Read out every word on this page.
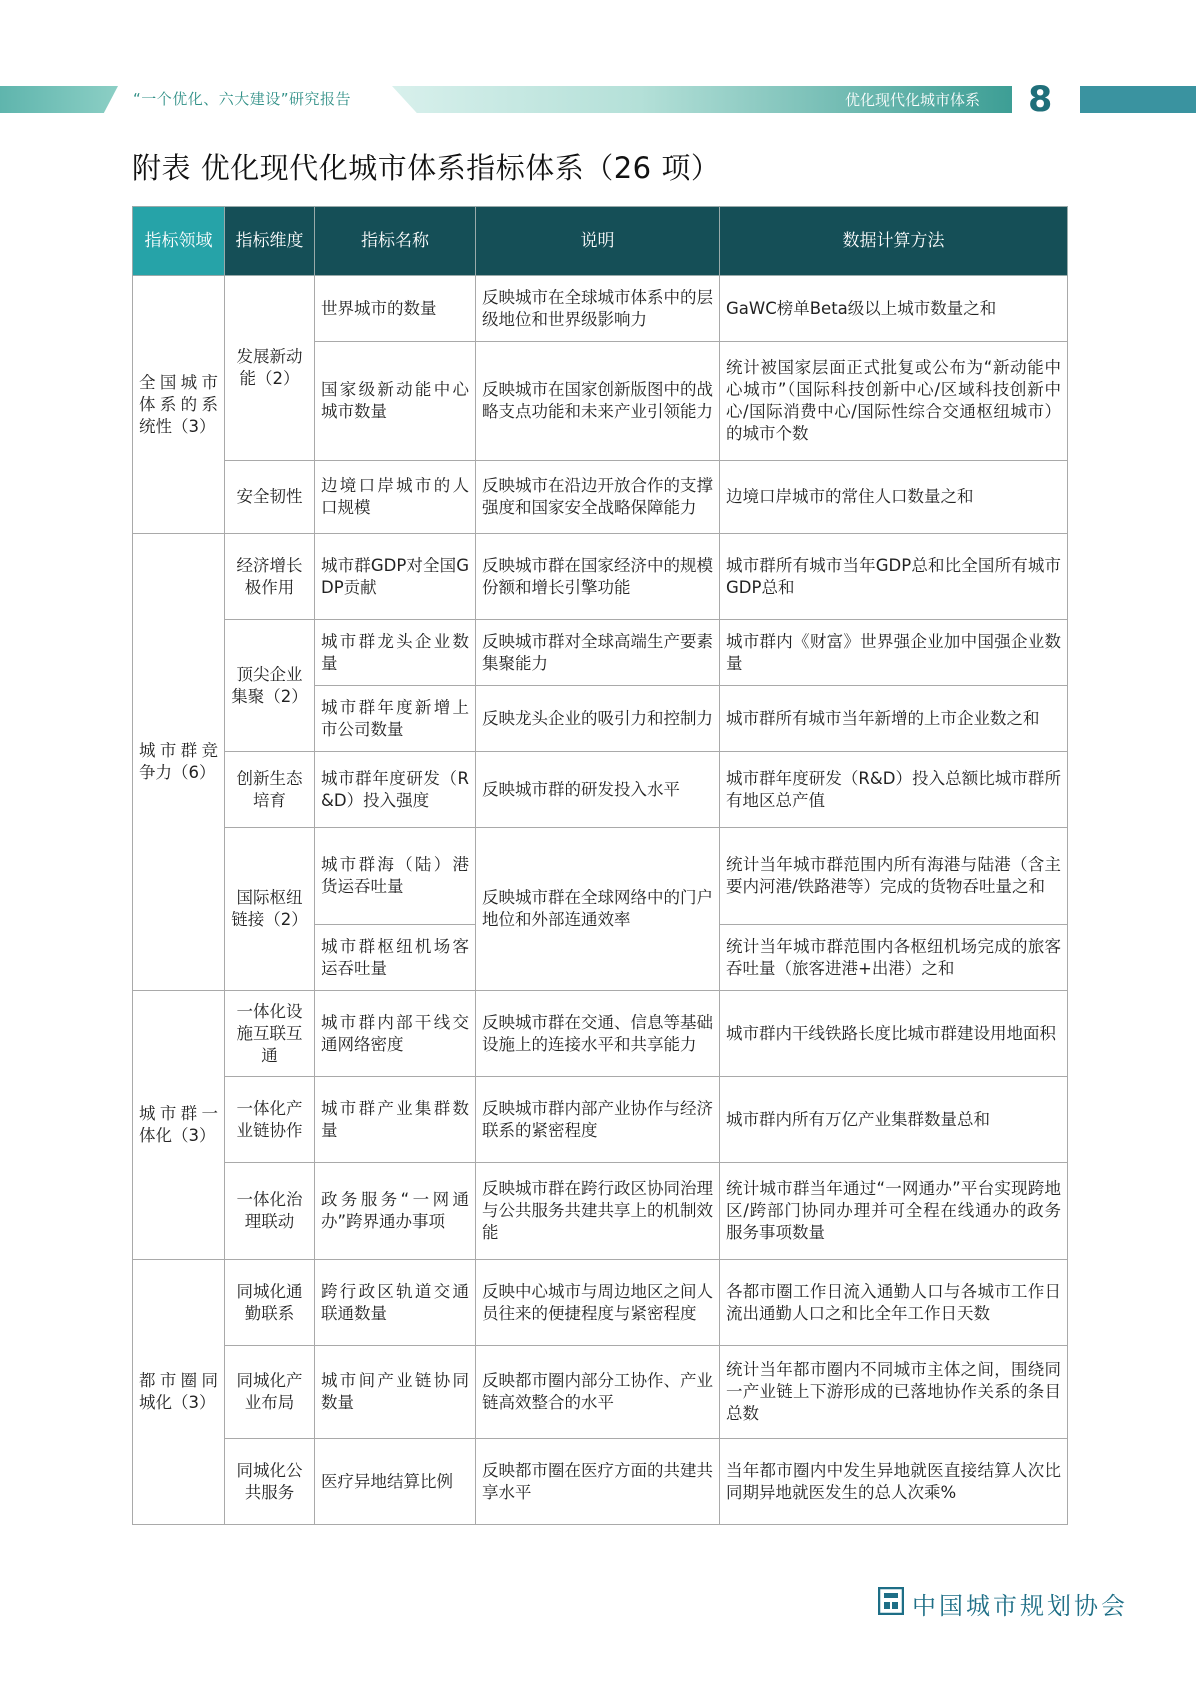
“一个优化、六大建设”研究报告	优化现代化城市体系 8
附表 优化现代化城市体系指标体系（26 项）
指标领域	指标维度	指标名称	说明	数据计算方法
全国城市体系的系统性（3）	发展新动能（2）	世界城市的数量	反映城市在全球城市体系中的层级地位和世界级影响力	GaWC榜单Beta级以上城市数量之和
		国家级新动能中心城市数量	反映城市在国家创新版图中的战略支点功能和未来产业引领能力	统计被国家层面正式批复或公布为“新动能中心城市”（国际科技创新中心/区域科技创新中心/国际消费中心/国际性综合交通枢纽城市）的城市个数
	安全韧性	边境口岸城市的人口规模	反映城市在沿边开放合作的支撑强度和国家安全战略保障能力	边境口岸城市的常住人口数量之和
城市群竞争力（6）	经济增长极作用	城市群GDP对全国GDP贡献	反映城市群在国家经济中的规模份额和增长引擎功能	城市群所有城市当年GDP总和比全国所有城市GDP总和
	顶尖企业集聚（2）	城市群龙头企业数量	反映城市群对全球高端生产要素集聚能力	城市群内《财富》世界强企业加中国强企业数量
		城市群年度新增上市公司数量	反映龙头企业的吸引力和控制力	城市群所有城市当年新增的上市企业数之和
	创新生态培育	城市群年度研发（R&D）投入强度	反映城市群的研发投入水平	城市群年度研发（R&D）投入总额比城市群所有地区总产值
	国际枢纽链接（2）	城市群海（陆）港货运吞吐量	反映城市群在全球网络中的门户地位和外部连通效率	统计当年城市群范围内所有海港与陆港（含主要内河港/铁路港等）完成的货物吞吐量之和
		城市群枢纽机场客运吞吐量		统计当年城市群范围内各枢纽机场完成的旅客吞吐量（旅客进港+出港）之和
城市群一体化（3）	一体化设施互联互通	城市群内部干线交通网络密度	反映城市群在交通、信息等基础设施上的连接水平和共享能力	城市群内干线铁路长度比城市群建设用地面积
	一体化产业链协作	城市群产业集群数量	反映城市群内部产业协作与经济联系的紧密程度	城市群内所有万亿产业集群数量总和
	一体化治理联动	政务服务“一网通办”跨界通办事项	反映城市群在跨行政区协同治理与公共服务共建共享上的机制效能	统计城市群当年通过“一网通办”平台实现跨地区/跨部门协同办理并可全程在线通办的政务服务事项数量
都市圈同城化（3）	同城化通勤联系	跨行政区轨道交通联通数量	反映中心城市与周边地区之间人员往来的便捷程度与紧密程度	各都市圈工作日流入通勤人口与各城市工作日流出通勤人口之和比全年工作日天数
	同城化产业布局	城市间产业链协同数量	反映都市圈内部分工协作、产业链高效整合的水平	统计当年都市圈内不同城市主体之间，围绕同一产业链上下游形成的已落地协作关系的条目总数
	同城化公共服务	医疗异地结算比例	反映都市圈在医疗方面的共建共享水平	当年都市圈内中发生异地就医直接结算人次比同期异地就医发生的总人次乘%
中国城市规划协会
